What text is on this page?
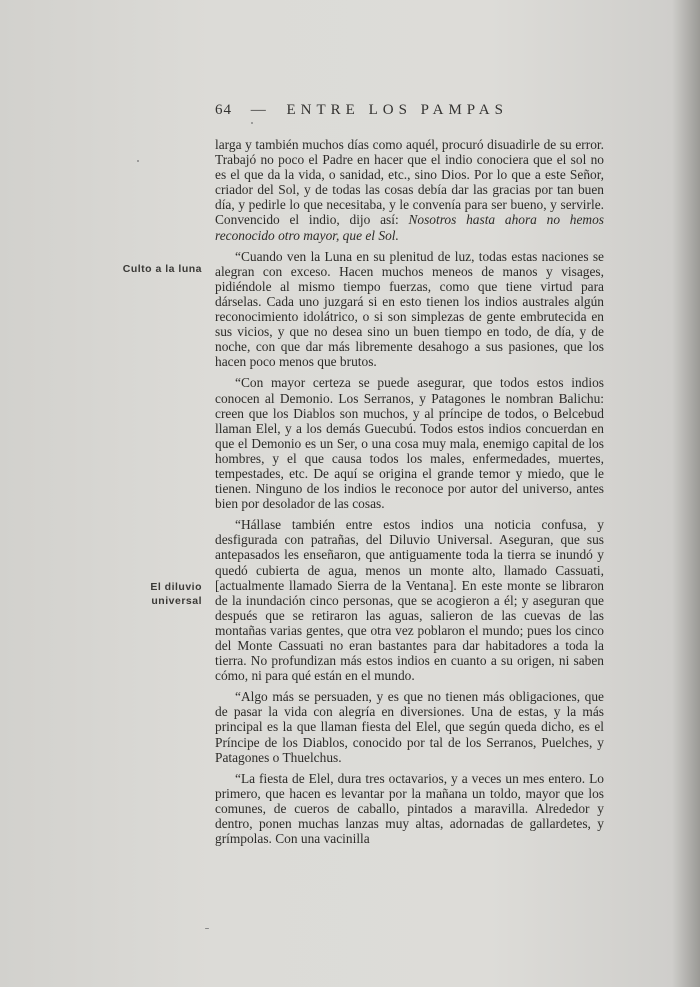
64 — ENTRE LOS PAMPAS
Culto a la luna
El diluvio universal

larga y también muchos días como aquél, procuró disuadirle de su error. Trabajó no poco el Padre en hacer que el indio conociera que el sol no es el que da la vida, o sanidad, etc., sino Dios. Por lo que a este Señor, criador del Sol, y de todas las cosas debía dar las gracias por tan buen día, y pedirle lo que necesitaba, y le convenía para ser bueno, y servirle. Convencido el indio, dijo así: Nosotros hasta ahora no hemos reconocido otro mayor, que el Sol.

“Cuando ven la Luna en su plenitud de luz, todas estas naciones se alegran con exceso. Hacen muchos meneos de manos y visages, pidiéndole al mismo tiempo fuerzas, como que tiene virtud para dárselas. Cada uno juzgará si en esto tienen los indios australes algún reconocimiento idolátrico, o si son simplezas de gente embrutecida en sus vicios, y que no desea sino un buen tiempo en todo, de día, y de noche, con que dar más libremente desahogo a sus pasiones, que los hacen poco menos que brutos.

“Con mayor certeza se puede asegurar, que todos estos indios conocen al Demonio. Los Serranos, y Patagones le nombran Balichu: creen que los Diablos son muchos, y al príncipe de todos, o Belcebud llaman Elel, y a los demás Guecubú. Todos estos indios concuerdan en que el Demonio es un Ser, o una cosa muy mala, enemigo capital de los hombres, y el que causa todos los males, enfermedades, muertes, tempestades, etc. De aquí se origina el grande temor y miedo, que le tienen. Ninguno de los indios le reconoce por autor del universo, antes bien por desolador de las cosas.

“Hállase también entre estos indios una noticia confusa, y desfigurada con patrañas, del Diluvio Universal. Aseguran, que sus antepasados les enseñaron, que antiguamente toda la tierra se inundó y quedó cubierta de agua, menos un monte alto, llamado Cassuati, [actualmente llamado Sierra de la Ventana]. En este monte se libraron de la inundación cinco personas, que se acogieron a él; y aseguran que después que se retiraron las aguas, salieron de las cuevas de las montañas varias gentes, que otra vez poblaron el mundo; pues los cinco del Monte Cassuati no eran bastantes para dar habitadores a toda la tierra. No profundizan más estos indios en cuanto a su origen, ni saben cómo, ni para qué están en el mundo.

“Algo más se persuaden, y es que no tienen más obligaciones, que de pasar la vida con alegría en diversiones. Una de estas, y la más principal es la que llaman fiesta del Elel, que según queda dicho, es el Príncipe de los Diablos, conocido por tal de los Serranos, Puelches, y Patagones o Thuelchus.

“La fiesta de Elel, dura tres octavarios, y a veces un mes entero. Lo primero, que hacen es levantar por la mañana un toldo, mayor que los comunes, de cueros de caballo, pintados a maravilla. Alrededor y dentro, ponen muchas lanzas muy altas, adornadas de gallardetes, y grímpolas. Con una vacinilla
